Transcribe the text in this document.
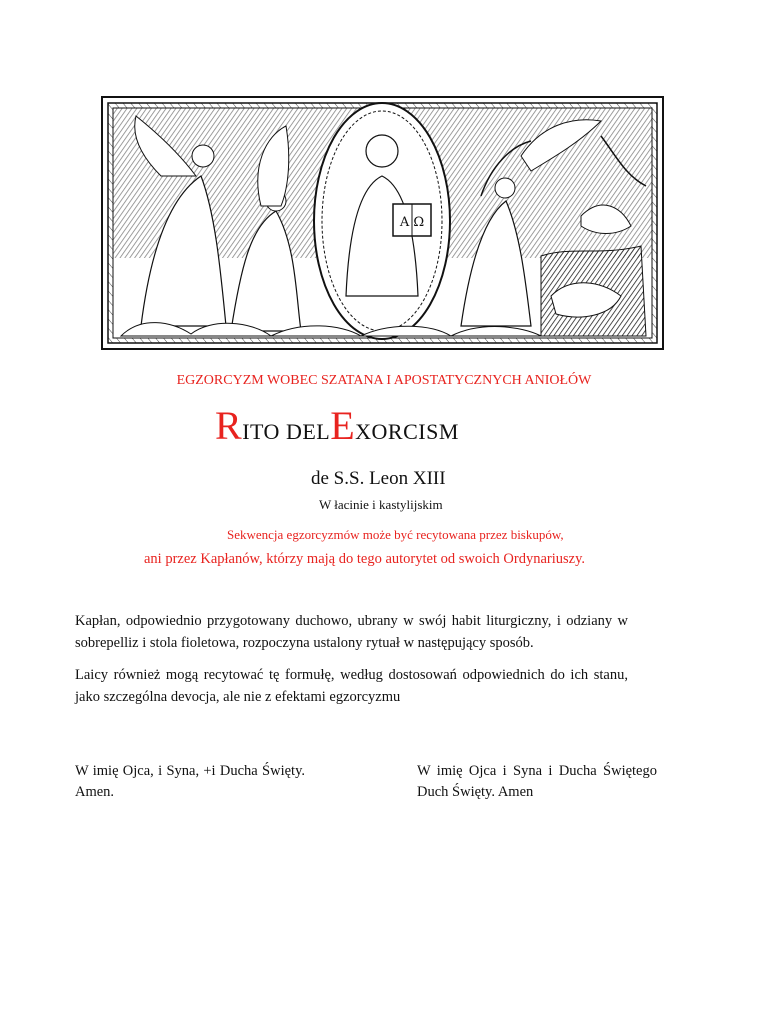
A Ω
EGZORCYZM WOBEC SZATANA I APOSTATYCZNYCH ANIOŁÓW
RITO DELEXORCISM
de S.S. Leon XIII
W łacinie i kastylijskim
Sekwencja egzorcyzmów może być recytowana przez biskupów,
ani przez Kapłanów, którzy mają do tego autorytet od swoich Ordynariuszy.

Kapłan, odpowiednio przygotowany duchowo, ubrany w swój habit liturgiczny, i odziany w sobrepelliz i stola fioletowa, rozpoczyna ustalony rytuał w następujący sposób.

Laicy również mogą recytować tę formułę, według dostosowań odpowiednich do ich stanu, jako szczególna devocja, ale nie z efektami egzorcyzmu

W imię Ojca, i Syna, +i Ducha Święty. Amen.
W imię Ojca i Syna i Ducha Świętego Duch Święty. Amen
